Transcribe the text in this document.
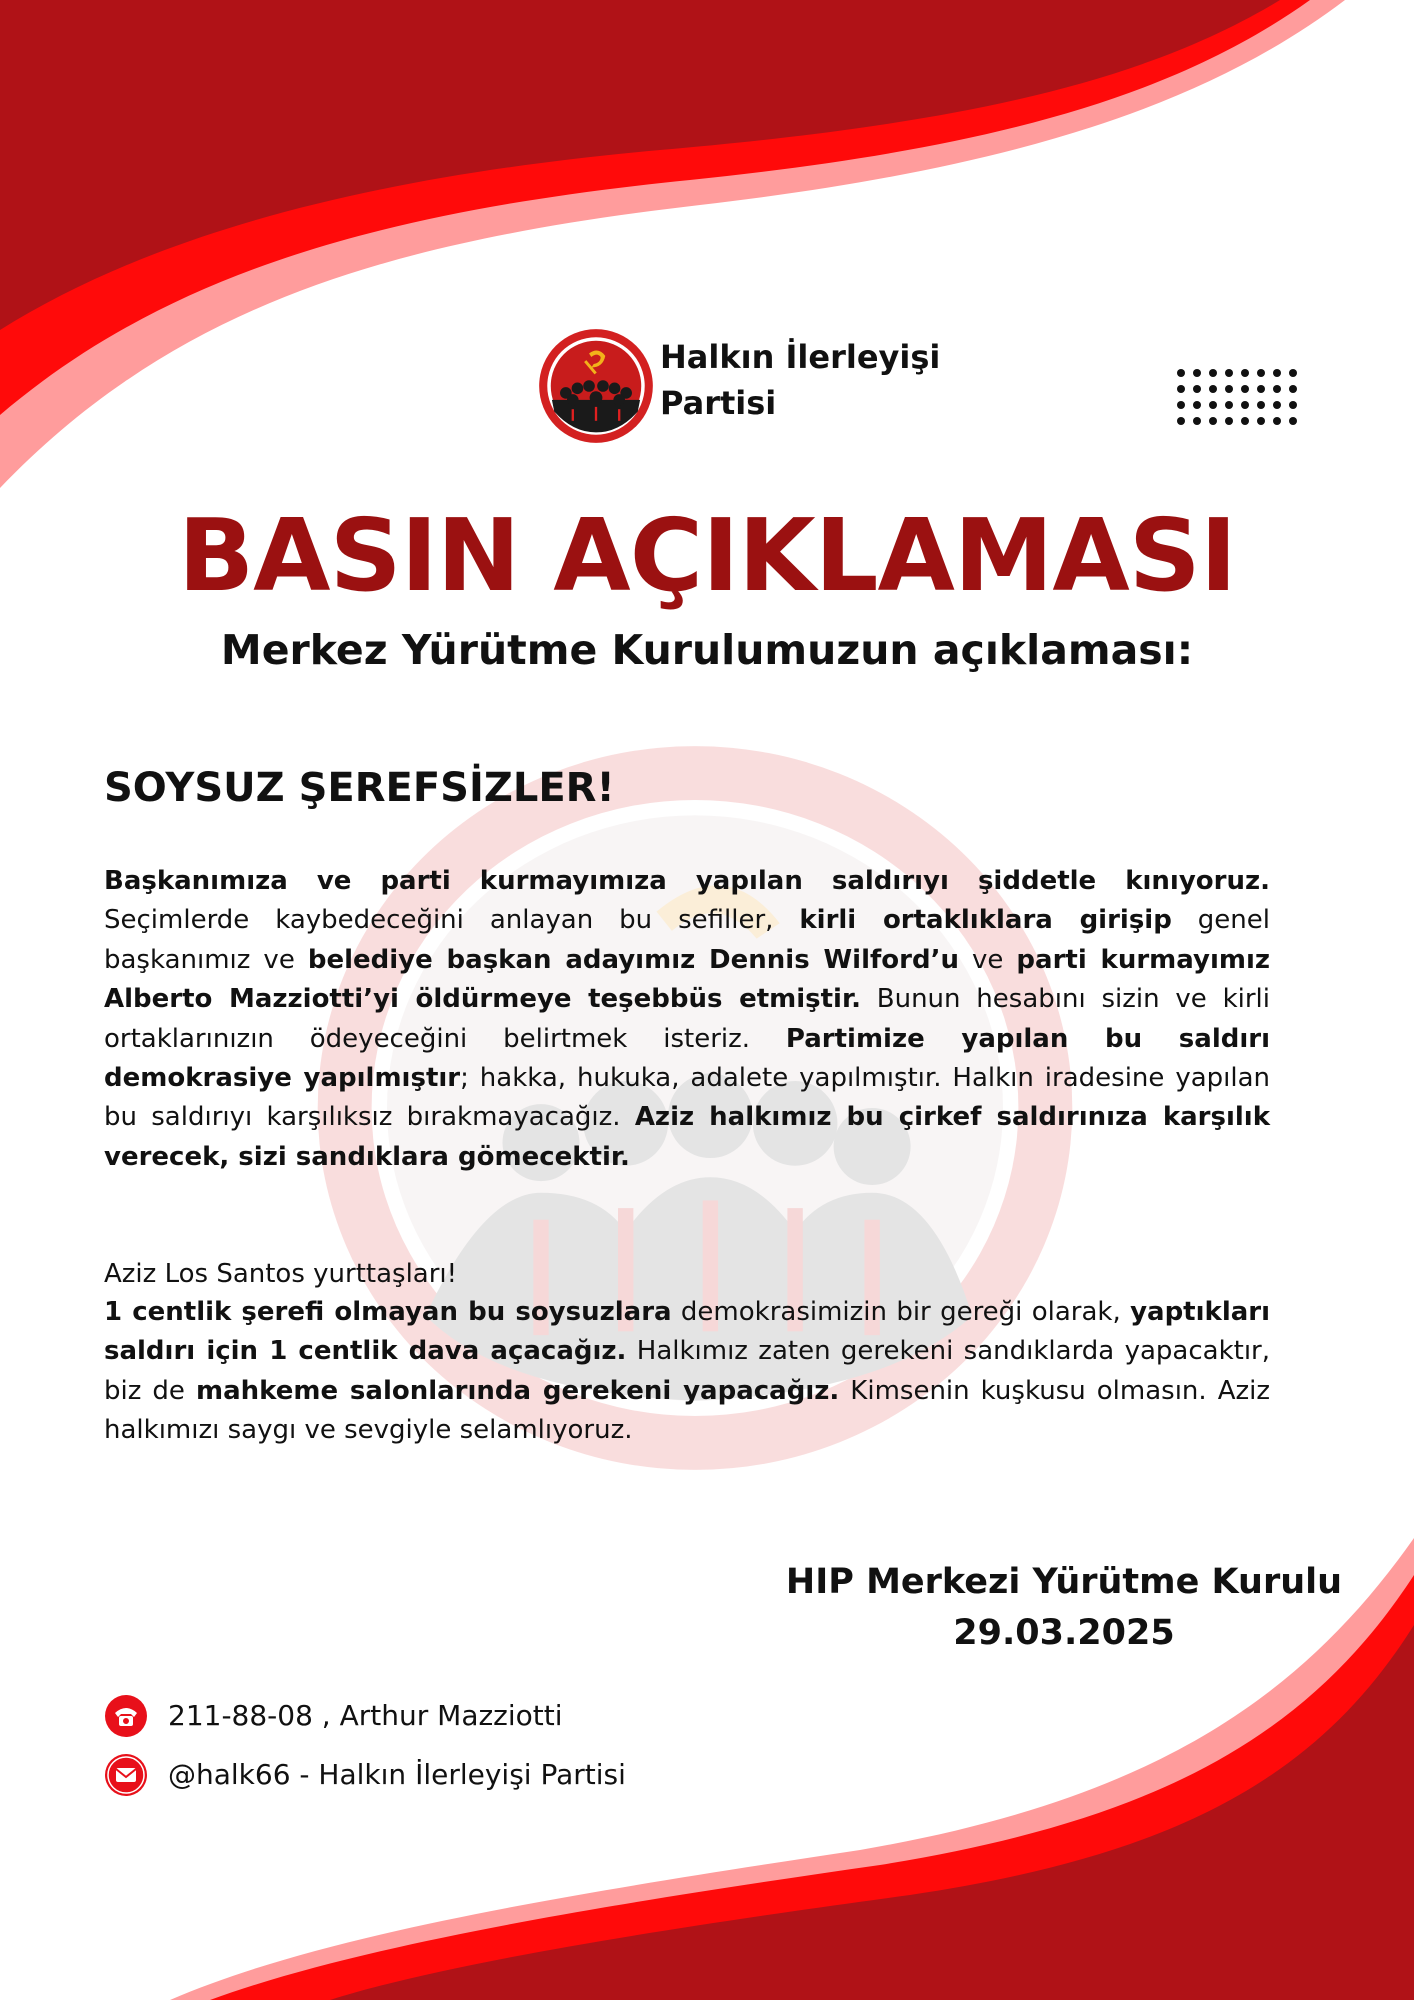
Halkın İlerleyişi
Partisi
BASIN AÇIKLAMASI
Merkez Yürütme Kurulumuzun açıklaması:
SOYSUZ ŞEREFSİZLER!

Başkanımıza ve parti kurmayımıza yapılan saldırıyı şiddetle kınıyoruz. Seçimlerde kaybedeceğini anlayan bu sefiller, kirli ortaklıklara girişip genel başkanımız ve belediye başkan adayımız Dennis Wilford’u ve parti kurmayımız Alberto Mazziotti’yi öldürmeye teşebbüs etmiştir. Bunun hesabını sizin ve kirli ortaklarınızın ödeyeceğini belirtmek isteriz. Partimize yapılan bu saldırı demokrasiye yapılmıştır; hakka, hukuka, adalete yapılmıştır. Halkın iradesine yapılan bu saldırıyı karşılıksız bırakmayacağız. Aziz halkımız bu çirkef saldırınıza karşılık verecek, sizi sandıklara gömecektir.

Aziz Los Santos yurttaşları!

1 centlik şerefi olmayan bu soysuzlara demokrasimizin bir gereği olarak, yaptıkları saldırı için 1 centlik dava açacağız. Halkımız zaten gerekeni sandıklarda yapacaktır, biz de mahkeme salonlarında gerekeni yapacağız. Kimsenin kuşkusu olmasın. Aziz halkımızı saygı ve sevgiyle selamlıyoruz.

HIP Merkezi Yürütme Kurulu
29.03.2025
211-88-08 , Arthur Mazziotti
@halk66 - Halkın İlerleyişi Partisi
